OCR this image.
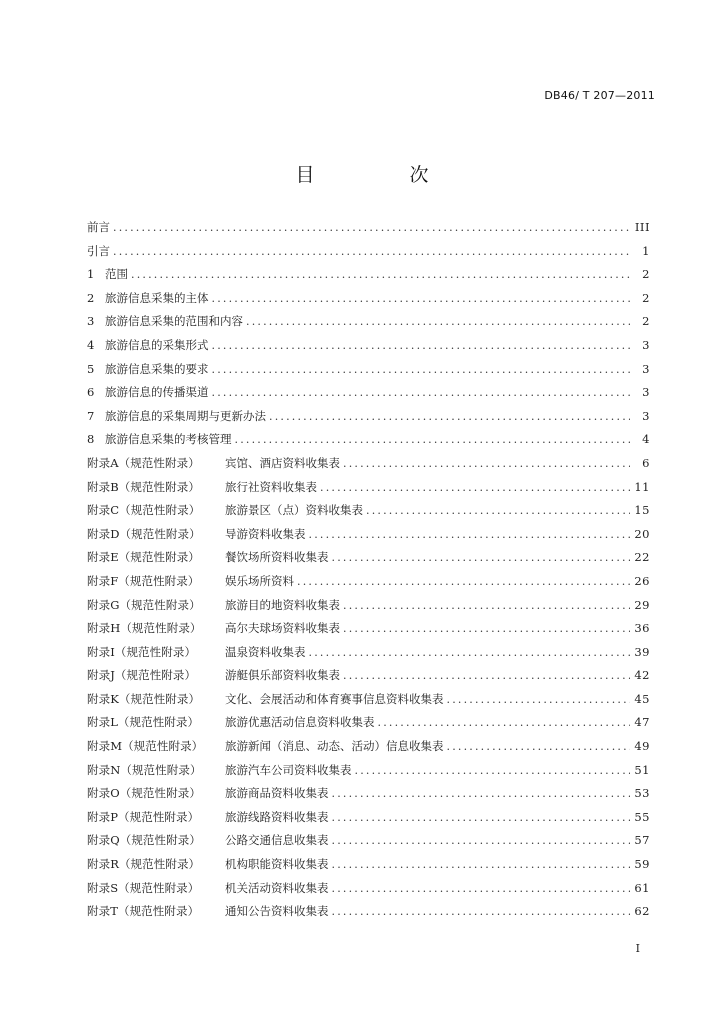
DB46/ T 207—2011
目　次
前言 .....	III
引言 .....	1
1 范围 .....	2
2 旅游信息采集的主体 .....	2
3 旅游信息采集的范围和内容 .....	2
4 旅游信息的采集形式 .....	3
5 旅游信息采集的要求 .....	3
6 旅游信息的传播渠道 .....	3
7 旅游信息的采集周期与更新办法 .....	3
8 旅游信息采集的考核管理 .....	4
附录A（规范性附录）	宾馆、酒店资料收集表 .....	6
附录B（规范性附录）	旅行社资料收集表 .....	11
附录C（规范性附录）	旅游景区（点）资料收集表 .....	15
附录D（规范性附录）	导游资料收集表 .....	20
附录E（规范性附录）	餐饮场所资料收集表 .....	22
附录F（规范性附录）	娱乐场所资料 .....	26
附录G（规范性附录）	旅游目的地资料收集表 .....	29
附录H（规范性附录）	高尔夫球场资料收集表 .....	36
附录I（规范性附录）	温泉资料收集表 .....	39
附录J（规范性附录）	游艇俱乐部资料收集表 .....	42
附录K（规范性附录）	文化、会展活动和体育赛事信息资料收集表 .....	45
附录L（规范性附录）	旅游优惠活动信息资料收集表 .....	47
附录M（规范性附录）	旅游新闻（消息、动态、活动）信息收集表 .....	49
附录N（规范性附录）	旅游汽车公司资料收集表 .....	51
附录O（规范性附录）	旅游商品资料收集表 .....	53
附录P（规范性附录）	旅游线路资料收集表 .....	55
附录Q（规范性附录）	公路交通信息收集表 .....	57
附录R（规范性附录）	机构职能资料收集表 .....	59
附录S（规范性附录）	机关活动资料收集表 .....	61
附录T（规范性附录）	通知公告资料收集表 .....	62
I
